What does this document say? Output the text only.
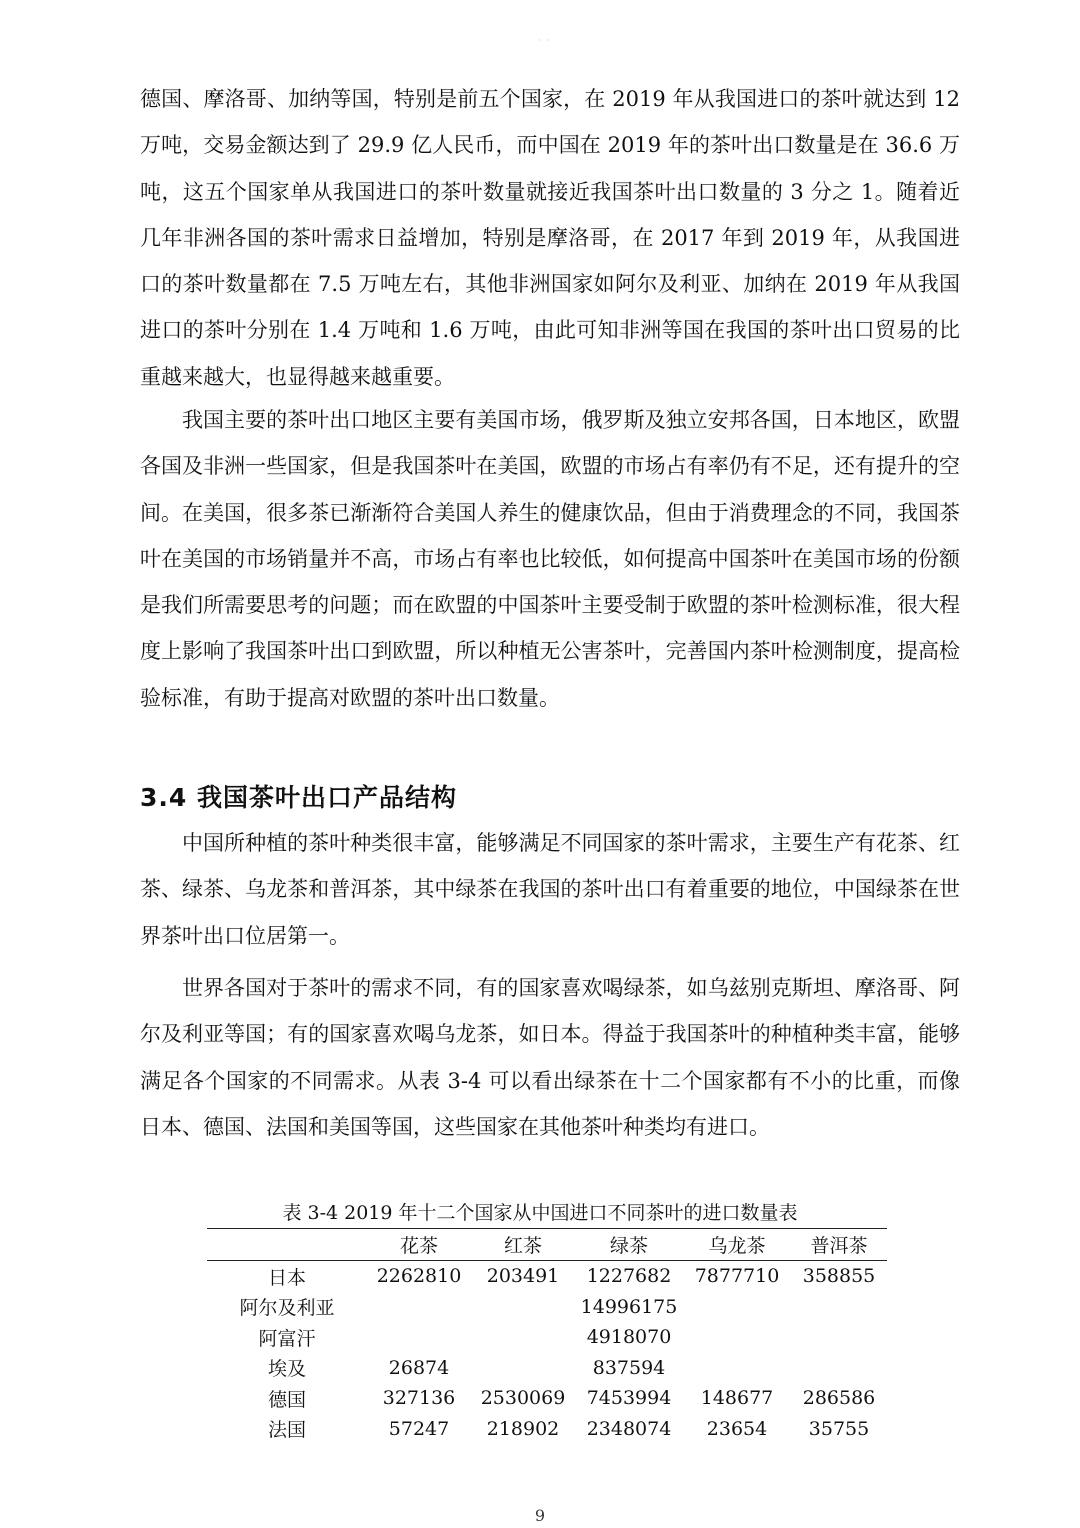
· ·

德国、摩洛哥、加纳等国，特别是前五个国家，在 2019 年从我国进口的茶叶就达到 12 万吨，交易金额达到了 29.9 亿人民币，而中国在 2019 年的茶叶出口数量是在 36.6 万吨，这五个国家单从我国进口的茶叶数量就接近我国茶叶出口数量的 3 分之 1。随着近几年非洲各国的茶叶需求日益增加，特别是摩洛哥，在 2017 年到 2019 年，从我国进口的茶叶数量都在 7.5 万吨左右，其他非洲国家如阿尔及利亚、加纳在 2019 年从我国进口的茶叶分别在 1.4 万吨和 1.6 万吨，由此可知非洲等国在我国的茶叶出口贸易的比重越来越大，也显得越来越重要。

我国主要的茶叶出口地区主要有美国市场，俄罗斯及独立安邦各国，日本地区，欧盟各国及非洲一些国家，但是我国茶叶在美国，欧盟的市场占有率仍有不足，还有提升的空间。在美国，很多茶已渐渐符合美国人养生的健康饮品，但由于消费理念的不同，我国茶叶在美国的市场销量并不高，市场占有率也比较低，如何提高中国茶叶在美国市场的份额是我们所需要思考的问题；而在欧盟的中国茶叶主要受制于欧盟的茶叶检测标准，很大程度上影响了我国茶叶出口到欧盟，所以种植无公害茶叶，完善国内茶叶检测制度，提高检验标准，有助于提高对欧盟的茶叶出口数量。

3.4 我国茶叶出口产品结构

中国所种植的茶叶种类很丰富，能够满足不同国家的茶叶需求，主要生产有花茶、红茶、绿茶、乌龙茶和普洱茶，其中绿茶在我国的茶叶出口有着重要的地位，中国绿茶在世界茶叶出口位居第一。

世界各国对于茶叶的需求不同，有的国家喜欢喝绿茶，如乌兹别克斯坦、摩洛哥、阿尔及利亚等国；有的国家喜欢喝乌龙茶，如日本。得益于我国茶叶的种植种类丰富，能够满足各个国家的不同需求。从表 3-4 可以看出绿茶在十二个国家都有不小的比重，而像日本、德国、法国和美国等国，这些国家在其他茶叶种类均有进口。

表 3-4 2019 年十二个国家从中国进口不同茶叶的进口数量表
	花茶	红茶	绿茶	乌龙茶	普洱茶
日本	2262810	203491	1227682	7877710	358855
阿尔及利亚			14996175		
阿富汗			4918070		
埃及	26874		837594		
德国	327136	2530069	7453994	148677	286586
法国	57247	218902	2348074	23654	35755
9
